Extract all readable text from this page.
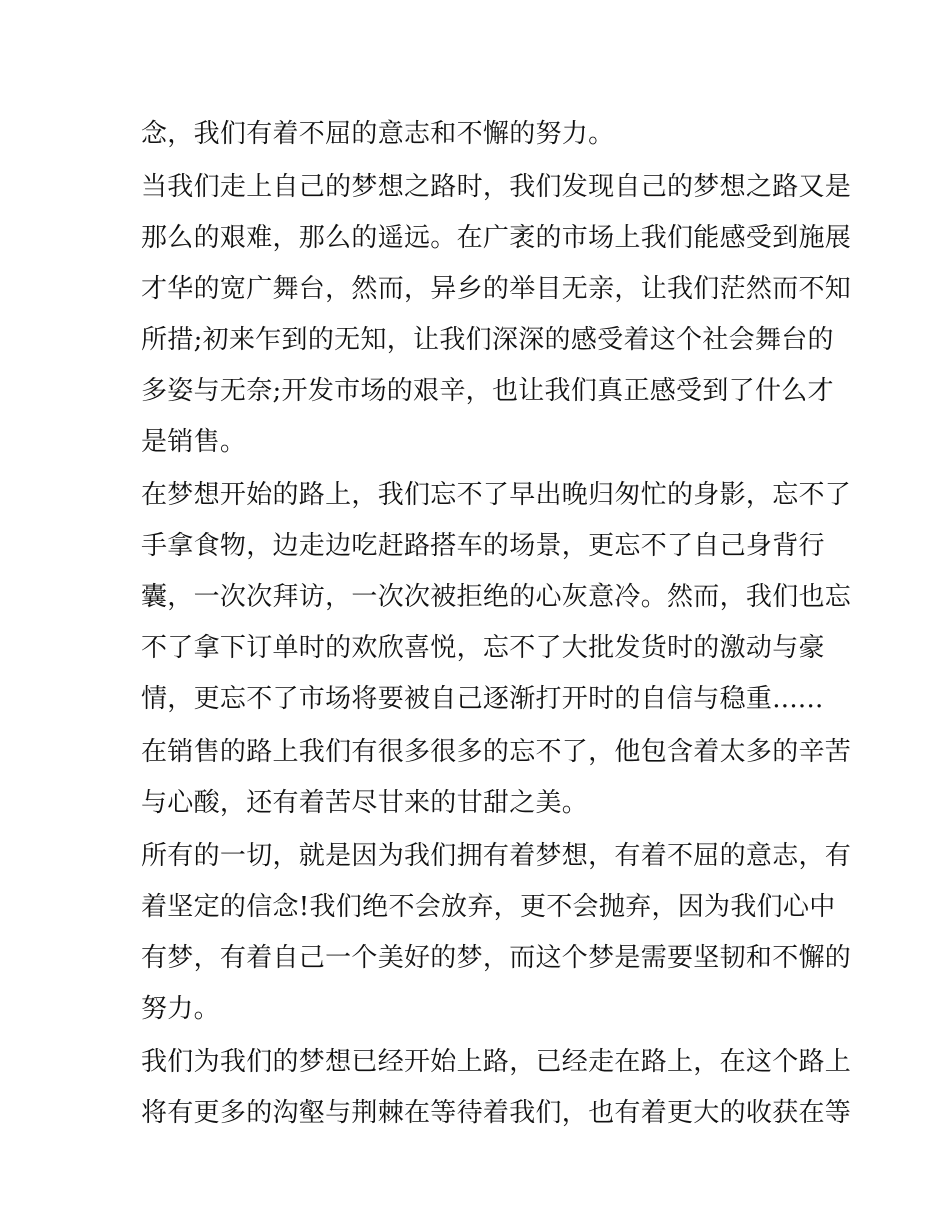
念，我们有着不屈的意志和不懈的努力。

当我们走上自己的梦想之路时，我们发现自己的梦想之路又是
那么的艰难，那么的遥远。在广袤的市场上我们能感受到施展
才华的宽广舞台，然而，异乡的举目无亲，让我们茫然而不知
所措;初来乍到的无知，让我们深深的感受着这个社会舞台的
多姿与无奈;开发市场的艰辛，也让我们真正感受到了什么才
是销售。

在梦想开始的路上，我们忘不了早出晚归匆忙的身影，忘不了
手拿食物，边走边吃赶路搭车的场景，更忘不了自己身背行
囊，一次次拜访，一次次被拒绝的心灰意冷。然而，我们也忘
不了拿下订单时的欢欣喜悦，忘不了大批发货时的激动与豪
情，更忘不了市场将要被自己逐渐打开时的自信与稳重......

在销售的路上我们有很多很多的忘不了，他包含着太多的辛苦
与心酸，还有着苦尽甘来的甘甜之美。

所有的一切，就是因为我们拥有着梦想，有着不屈的意志，有
着坚定的信念!我们绝不会放弃，更不会抛弃，因为我们心中
有梦，有着自己一个美好的梦，而这个梦是需要坚韧和不懈的
努力。

我们为我们的梦想已经开始上路，已经走在路上，在这个路上
将有更多的沟壑与荆棘在等待着我们，也有着更大的收获在等
